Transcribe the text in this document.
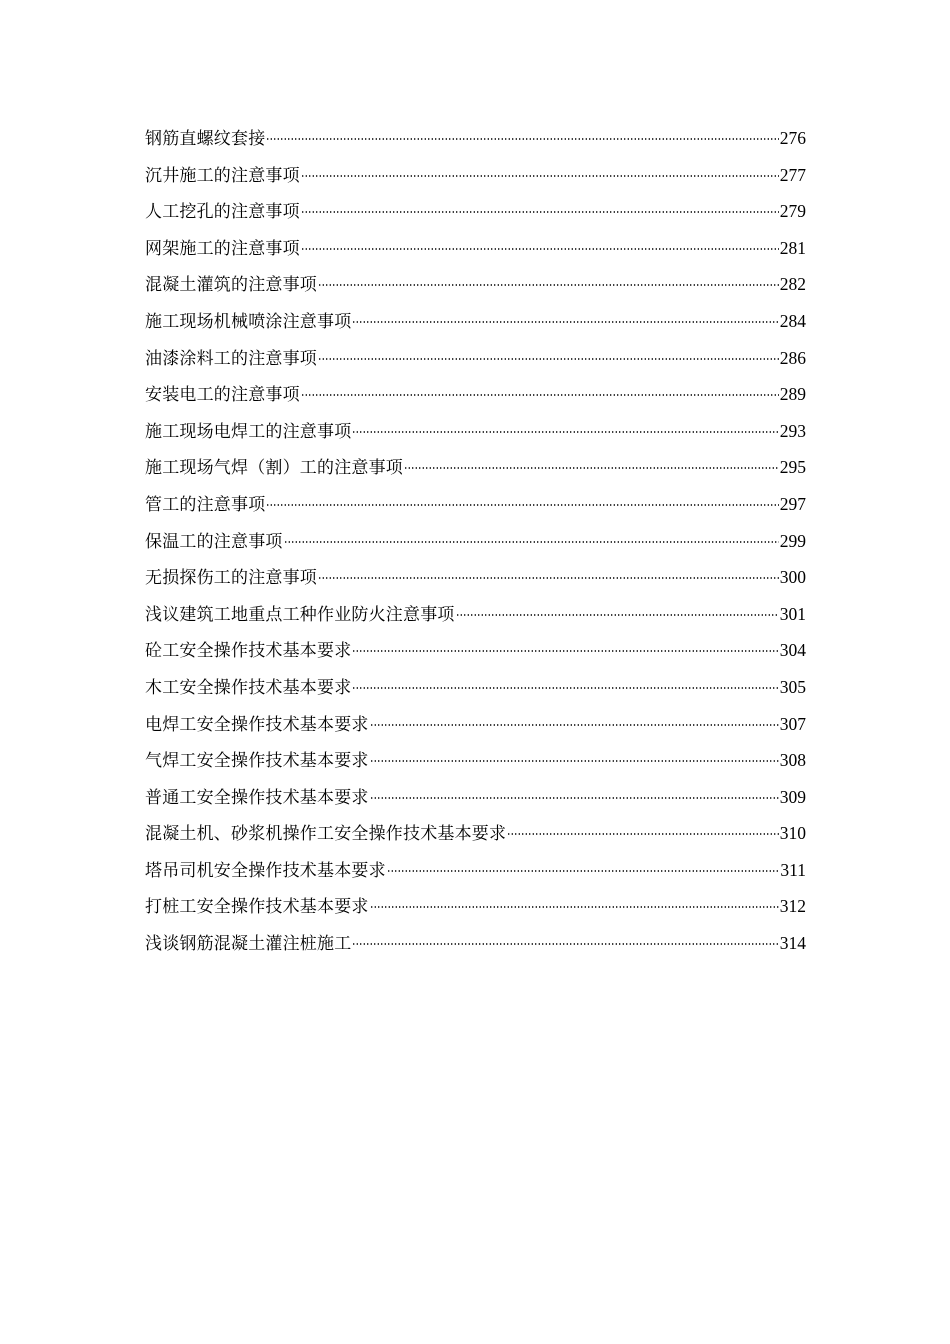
钢筋直螺纹套接	276
沉井施工的注意事项	277
人工挖孔的注意事项	279
网架施工的注意事项	281
混凝土灌筑的注意事项	282
施工现场机械喷涂注意事项	284
油漆涂料工的注意事项	286
安装电工的注意事项	289
施工现场电焊工的注意事项	293
施工现场气焊（割）工的注意事项	295
管工的注意事项	297
保温工的注意事项	299
无损探伤工的注意事项	300
浅议建筑工地重点工种作业防火注意事项	301
砼工安全操作技术基本要求	304
木工安全操作技术基本要求	305
电焊工安全操作技术基本要求	307
气焊工安全操作技术基本要求	308
普通工安全操作技术基本要求	309
混凝土机、砂浆机操作工安全操作技术基本要求	310
塔吊司机安全操作技术基本要求	311
打桩工安全操作技术基本要求	312
浅谈钢筋混凝土灌注桩施工	314
